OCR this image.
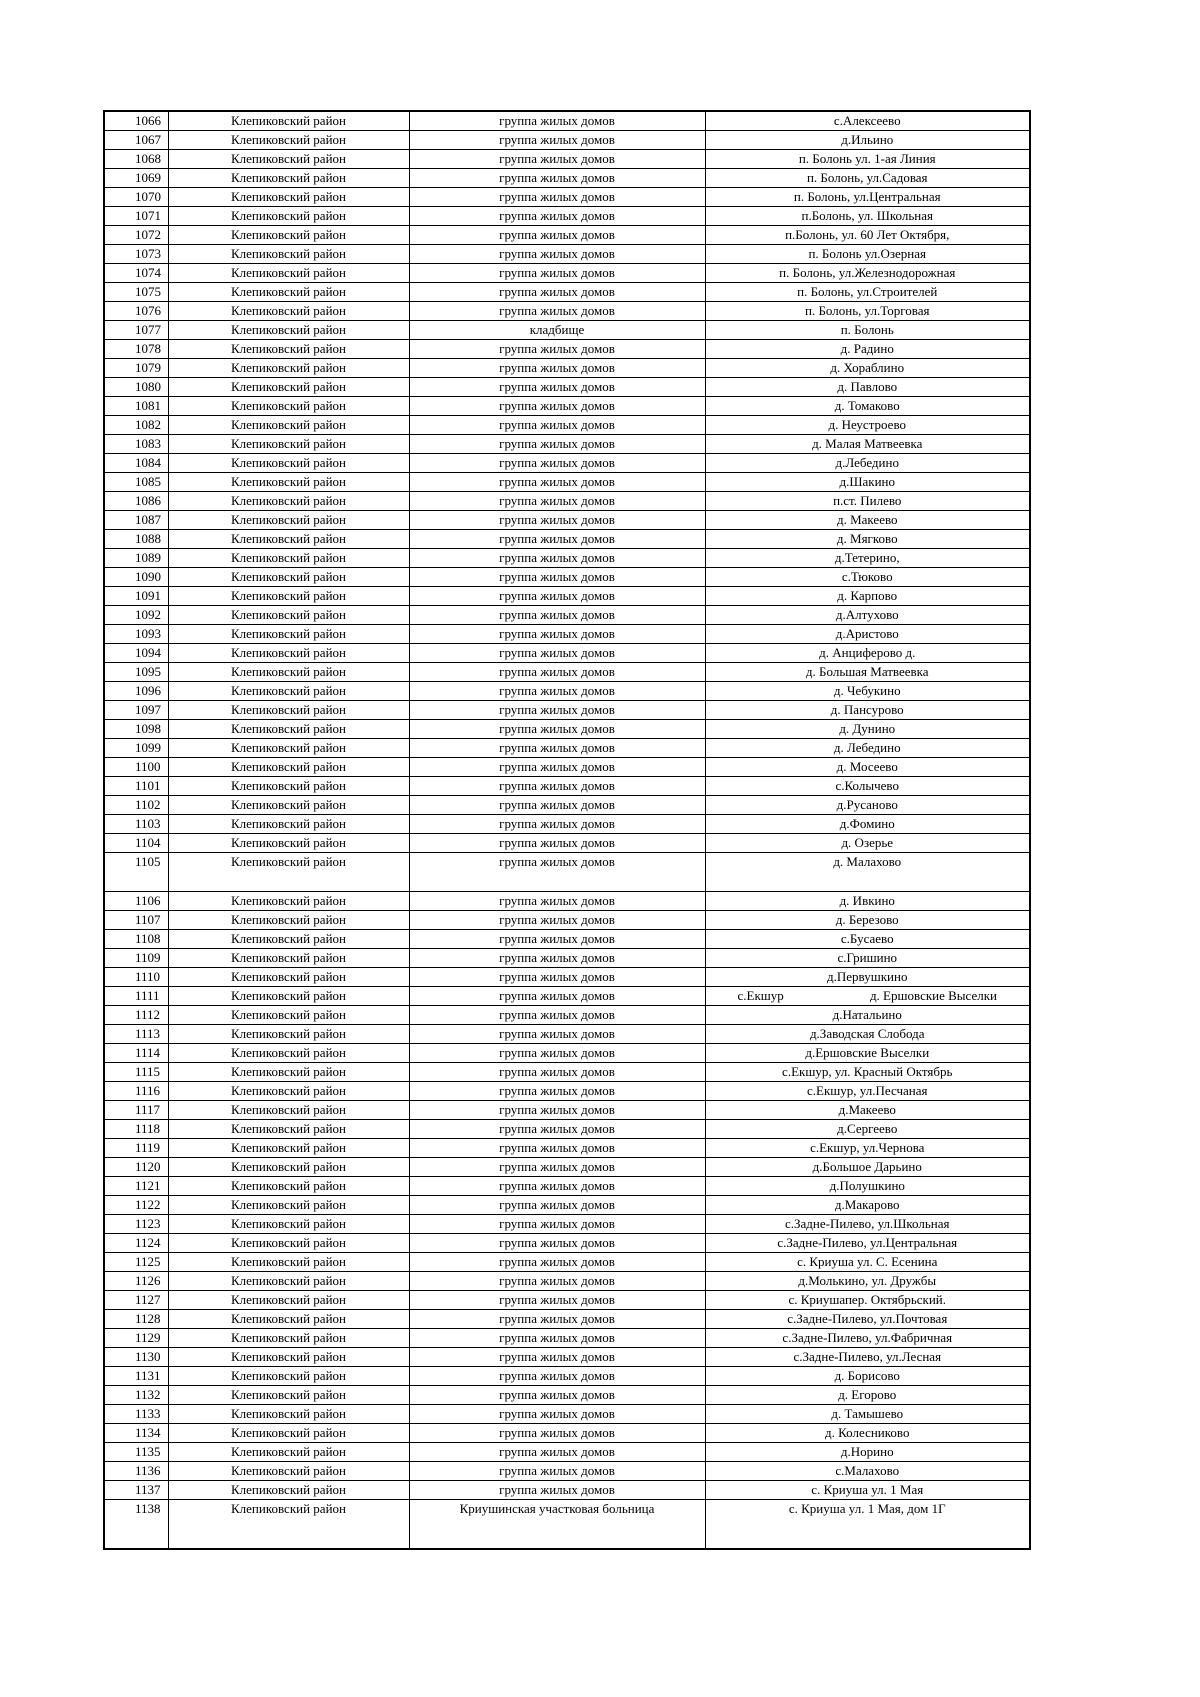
1066	Клепиковский район	группа жилых домов	с.Алексеево
1067	Клепиковский район	группа жилых домов	д.Ильино
1068	Клепиковский район	группа жилых домов	п. Болонь ул. 1-ая Линия
1069	Клепиковский район	группа жилых домов	п. Болонь, ул.Садовая
1070	Клепиковский район	группа жилых домов	п. Болонь, ул.Центральная
1071	Клепиковский район	группа жилых домов	п.Болонь, ул. Школьная
1072	Клепиковский район	группа жилых домов	п.Болонь, ул. 60 Лет Октября,
1073	Клепиковский район	группа жилых домов	п. Болонь ул.Озерная
1074	Клепиковский район	группа жилых домов	п. Болонь, ул.Железнодорожная
1075	Клепиковский район	группа жилых домов	п. Болонь, ул.Строителей
1076	Клепиковский район	группа жилых домов	п. Болонь, ул.Торговая
1077	Клепиковский район	кладбище	п. Болонь
1078	Клепиковский район	группа жилых домов	д. Радино
1079	Клепиковский район	группа жилых домов	д. Хораблино
1080	Клепиковский район	группа жилых домов	д. Павлово
1081	Клепиковский район	группа жилых домов	д. Томаково
1082	Клепиковский район	группа жилых домов	д. Неустроево
1083	Клепиковский район	группа жилых домов	д. Малая Матвеевка
1084	Клепиковский район	группа жилых домов	д.Лебедино
1085	Клепиковский район	группа жилых домов	д.Шакино
1086	Клепиковский район	группа жилых домов	п.ст. Пилево
1087	Клепиковский район	группа жилых домов	д. Макеево
1088	Клепиковский район	группа жилых домов	д. Мягково
1089	Клепиковский район	группа жилых домов	д.Тетерино,
1090	Клепиковский район	группа жилых домов	с.Тюково
1091	Клепиковский район	группа жилых домов	д. Карпово
1092	Клепиковский район	группа жилых домов	д.Алтухово
1093	Клепиковский район	группа жилых домов	д.Аристово
1094	Клепиковский район	группа жилых домов	д. Анциферово д.
1095	Клепиковский район	группа жилых домов	д. Большая Матвеевка
1096	Клепиковский район	группа жилых домов	д. Чебукино
1097	Клепиковский район	группа жилых домов	д. Пансурово
1098	Клепиковский район	группа жилых домов	д. Дунино
1099	Клепиковский район	группа жилых домов	д. Лебедино
1100	Клепиковский район	группа жилых домов	д. Мосеево
1101	Клепиковский район	группа жилых домов	с.Колычево
1102	Клепиковский район	группа жилых домов	д.Русаново
1103	Клепиковский район	группа жилых домов	д.Фомино
1104	Клепиковский район	группа жилых домов	д. Озерье
1105	Клепиковский район	группа жилых домов	д. Малахово
1106	Клепиковский район	группа жилых домов	д. Ивкино
1107	Клепиковский район	группа жилых домов	д. Березово
1108	Клепиковский район	группа жилых домов	с.Бусаево
1109	Клепиковский район	группа жилых домов	с.Гришино
1110	Клепиковский район	группа жилых домов	д.Первушкино
1111	Клепиковский район	группа жилых домов	с.Екшур д. Ершовские Выселки

1112	Клепиковский район	группа жилых домов	д.Натальино
1113	Клепиковский район	группа жилых домов	д.Заводская Слобода
1114	Клепиковский район	группа жилых домов	д.Ершовские Выселки
1115	Клепиковский район	группа жилых домов	с.Екшур, ул. Красный Октябрь
1116	Клепиковский район	группа жилых домов	с.Екшур, ул.Песчаная
1117	Клепиковский район	группа жилых домов	д.Макеево
1118	Клепиковский район	группа жилых домов	д.Сергеево
1119	Клепиковский район	группа жилых домов	с.Екшур, ул.Чернова
1120	Клепиковский район	группа жилых домов	д.Большое Дарьино
1121	Клепиковский район	группа жилых домов	д.Полушкино
1122	Клепиковский район	группа жилых домов	д.Макарово
1123	Клепиковский район	группа жилых домов	с.Задне-Пилево, ул.Школьная
1124	Клепиковский район	группа жилых домов	с.Задне-Пилево, ул.Центральная
1125	Клепиковский район	группа жилых домов	с. Криуша ул. С. Есенина
1126	Клепиковский район	группа жилых домов	д.Молькино, ул. Дружбы
1127	Клепиковский район	группа жилых домов	с. Криушапер. Октябрьский.
1128	Клепиковский район	группа жилых домов	с.Задне-Пилево, ул.Почтовая
1129	Клепиковский район	группа жилых домов	с.Задне-Пилево, ул.Фабричная
1130	Клепиковский район	группа жилых домов	с.Задне-Пилево, ул.Лесная
1131	Клепиковский район	группа жилых домов	д. Борисово
1132	Клепиковский район	группа жилых домов	д. Егорово
1133	Клепиковский район	группа жилых домов	д. Тамышево
1134	Клепиковский район	группа жилых домов	д. Колесниково
1135	Клепиковский район	группа жилых домов	д.Норино
1136	Клепиковский район	группа жилых домов	с.Малахово
1137	Клепиковский район	группа жилых домов	с. Криуша ул. 1 Мая
1138	Клепиковский район	Криушинская участковая больница	с. Криуша ул. 1 Мая, дом 1Г
